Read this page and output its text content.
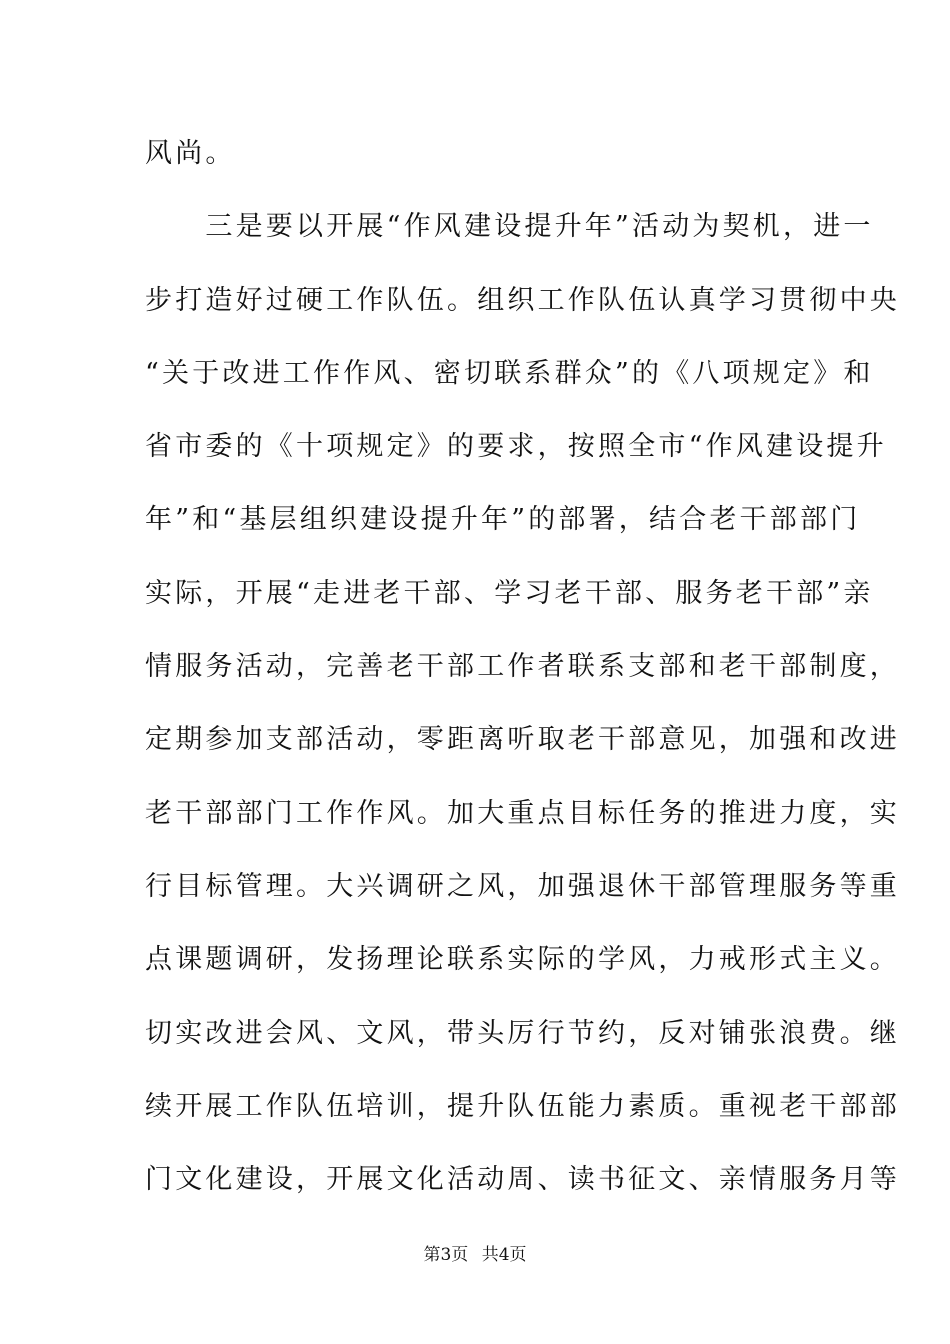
风尚。
　　三是要以开展“作风建设提升年”活动为契机，进一
步打造好过硬工作队伍。组织工作队伍认真学习贯彻中央
“关于改进工作作风、密切联系群众”的《八项规定》和
省市委的《十项规定》的要求，按照全市“作风建设提升
年”和“基层组织建设提升年”的部署，结合老干部部门
实际，开展“走进老干部、学习老干部、服务老干部”亲
情服务活动，完善老干部工作者联系支部和老干部制度，
定期参加支部活动，零距离听取老干部意见，加强和改进
老干部部门工作作风。加大重点目标任务的推进力度，实
行目标管理。大兴调研之风，加强退休干部管理服务等重
点课题调研，发扬理论联系实际的学风，力戒形式主义。
切实改进会风、文风，带头厉行节约，反对铺张浪费。继
续开展工作队伍培训，提升队伍能力素质。重视老干部部
门文化建设，开展文化活动周、读书征文、亲情服务月等
第3页 共4页
